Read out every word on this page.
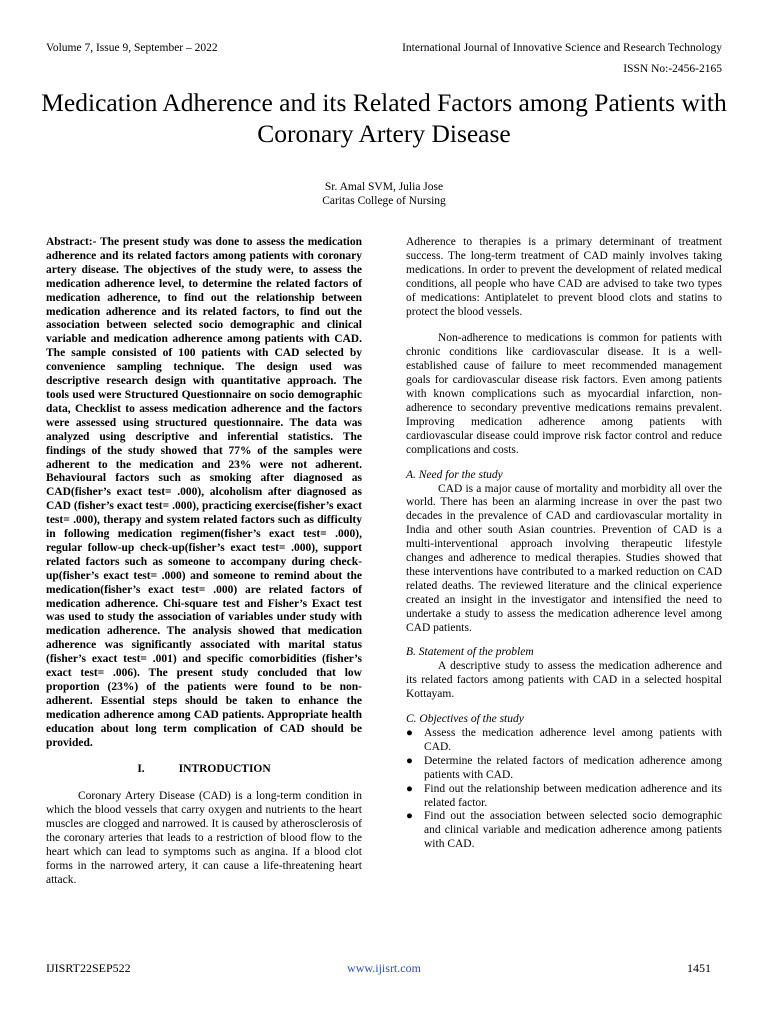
Volume 7, Issue 9, September – 2022	International Journal of Innovative Science and Research Technology
ISSN No:-2456-2165
Medication Adherence and its Related Factors among Patients with Coronary Artery Disease
Sr. Amal SVM, Julia Jose
Caritas College of Nursing

Abstract:- The present study was done to assess the medication adherence and its related factors among patients with coronary artery disease. The objectives of the study were, to assess the medication adherence level, to determine the related factors of medication adherence, to find out the relationship between medication adherence and its related factors, to find out the association between selected socio demographic and clinical variable and medication adherence among patients with CAD. The sample consisted of 100 patients with CAD selected by convenience sampling technique. The design used was descriptive research design with quantitative approach. The tools used were Structured Questionnaire on socio demographic data, Checklist to assess medication adherence and the factors were assessed using structured questionnaire. The data was analyzed using descriptive and inferential statistics. The findings of the study showed that 77% of the samples were adherent to the medication and 23% were not adherent. Behavioural factors such as smoking after diagnosed as CAD(fisher’s exact test= .000), alcoholism after diagnosed as CAD (fisher’s exact test= .000), practicing exercise(fisher’s exact test= .000), therapy and system related factors such as difficulty in following medication regimen(fisher’s exact test= .000), regular follow-up check-up(fisher’s exact test= .000), support related factors such as someone to accompany during check-up(fisher’s exact test= .000) and someone to remind about the medication(fisher’s exact test= .000) are related factors of medication adherence. Chi-square test and Fisher’s Exact test was used to study the association of variables under study with medication adherence. The analysis showed that medication adherence was significantly associated with marital status (fisher’s exact test= .001) and specific comorbidities (fisher’s exact test= .006). The present study concluded that low proportion (23%) of the patients were found to be non-adherent. Essential steps should be taken to enhance the medication adherence among CAD patients. Appropriate health education about long term complication of CAD should be provided.

I.	INTRODUCTION

Coronary Artery Disease (CAD) is a long-term condition in which the blood vessels that carry oxygen and nutrients to the heart muscles are clogged and narrowed. It is caused by atherosclerosis of the coronary arteries that leads to a restriction of blood flow to the heart which can lead to symptoms such as angina. If a blood clot forms in the narrowed artery, it can cause a life-threatening heart attack.

Adherence to therapies is a primary determinant of treatment success. The long-term treatment of CAD mainly involves taking medications. In order to prevent the development of related medical conditions, all people who have CAD are advised to take two types of medications: Antiplatelet to prevent blood clots and statins to protect the blood vessels.

Non-adherence to medications is common for patients with chronic conditions like cardiovascular disease. It is a well-established cause of failure to meet recommended management goals for cardiovascular disease risk factors. Even among patients with known complications such as myocardial infarction, non-adherence to secondary preventive medications remains prevalent. Improving medication adherence among patients with cardiovascular disease could improve risk factor control and reduce complications and costs.

A. Need for the study

CAD is a major cause of mortality and morbidity all over the world. There has been an alarming increase in over the past two decades in the prevalence of CAD and cardiovascular mortality in India and other south Asian countries. Prevention of CAD is a multi-interventional approach involving therapeutic lifestyle changes and adherence to medical therapies. Studies showed that these interventions have contributed to a marked reduction on CAD related deaths. The reviewed literature and the clinical experience created an insight in the investigator and intensified the need to undertake a study to assess the medication adherence level among CAD patients.

B. Statement of the problem

A descriptive study to assess the medication adherence and its related factors among patients with CAD in a selected hospital Kottayam.

C. Objectives of the study

● Assess the medication adherence level among patients with CAD.
● Determine the related factors of medication adherence among patients with CAD.
● Find out the relationship between medication adherence and its related factor.
● Find out the association between selected socio demographic and clinical variable and medication adherence among patients with CAD.
IJISRT22SEP522	www.ijisrt.com	1451
